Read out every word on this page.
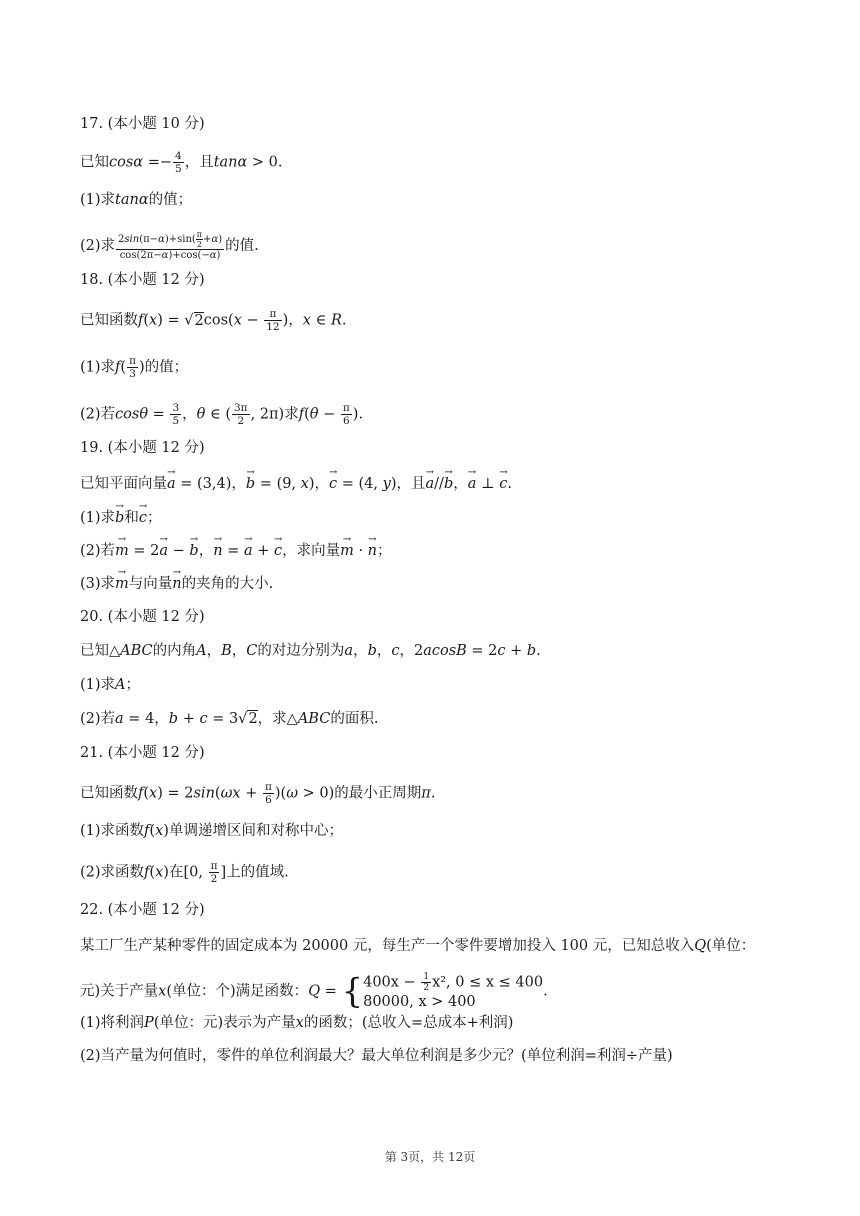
17. (本小题 10 分)
已知$\cos\alpha =- \frac{4}{5}$ ，且tanα > 0.
(1)求tanα的值；
(2)求 $\frac{2\sin(\pi-\alpha)+\sin( \frac{\pi}{2} +\alpha)}{\cos(2\pi-\alpha)+\cos(-\alpha)}$ 的值.
18. (本小题 12 分)
已知函数$f(x) = √2\cos(x - \frac{\pi}{12}$ )，x ∈ R.
(1)求$f( \frac{\pi}{3}$ )的值；
(2)若$\cos\theta = \frac{3}{5}$ ，θ ∈ ( $\frac{3\pi}{2}$ , 2π)求$f(\theta - \frac{\pi}{6}$ ).
19. (本小题 12 分)
已知平面向量→ a = (3,4)，→ b = (9, x)，→ c = (4, y)，且→ a//→ b，→ a ⊥ → c.
(1)求→ b和→ c；
(2)若→ m = 2→ a − → b，→ n = → a + → c，求向量→ m · → n；
(3)求→ m与向量→ n的夹角的大小.
20. (本小题 12 分)
已知△ABC的内角A，B，C的对边分别为a，b，c，2acosB = 2c + b.
(1)求A；
(2)若a = 4，b + c = 3√2，求△ABC的面积.
21. (本小题 12 分)
已知函数$f(x) = 2\sin(\omega x + \frac{\pi}{6} )(\omega > 0)$的最小正周期π.
(1)求函数f(x)单调递增区间和对称中心；
(2)求函数f(x)在[0, $\frac{\pi}{2}$ ]上的值域.
22. (本小题 12 分)
某工厂生产某种零件的固定成本为 20000 元，每生产一个零件要增加投入 100 元，已知总收入Q(单位：
元)关于产量x(单位：个)满足函数：Q = { $400x - \frac{1}{2} x^2$, 0 ≤ x ≤ 400
80000, x > 400
.
(1)将利润P(单位：元)表示为产量x的函数；(总收入=总成本+利润)
(2)当产量为何值时，零件的单位利润最大？最大单位利润是多少元？(单位利润=利润÷产量)
第 3页，共 12页
